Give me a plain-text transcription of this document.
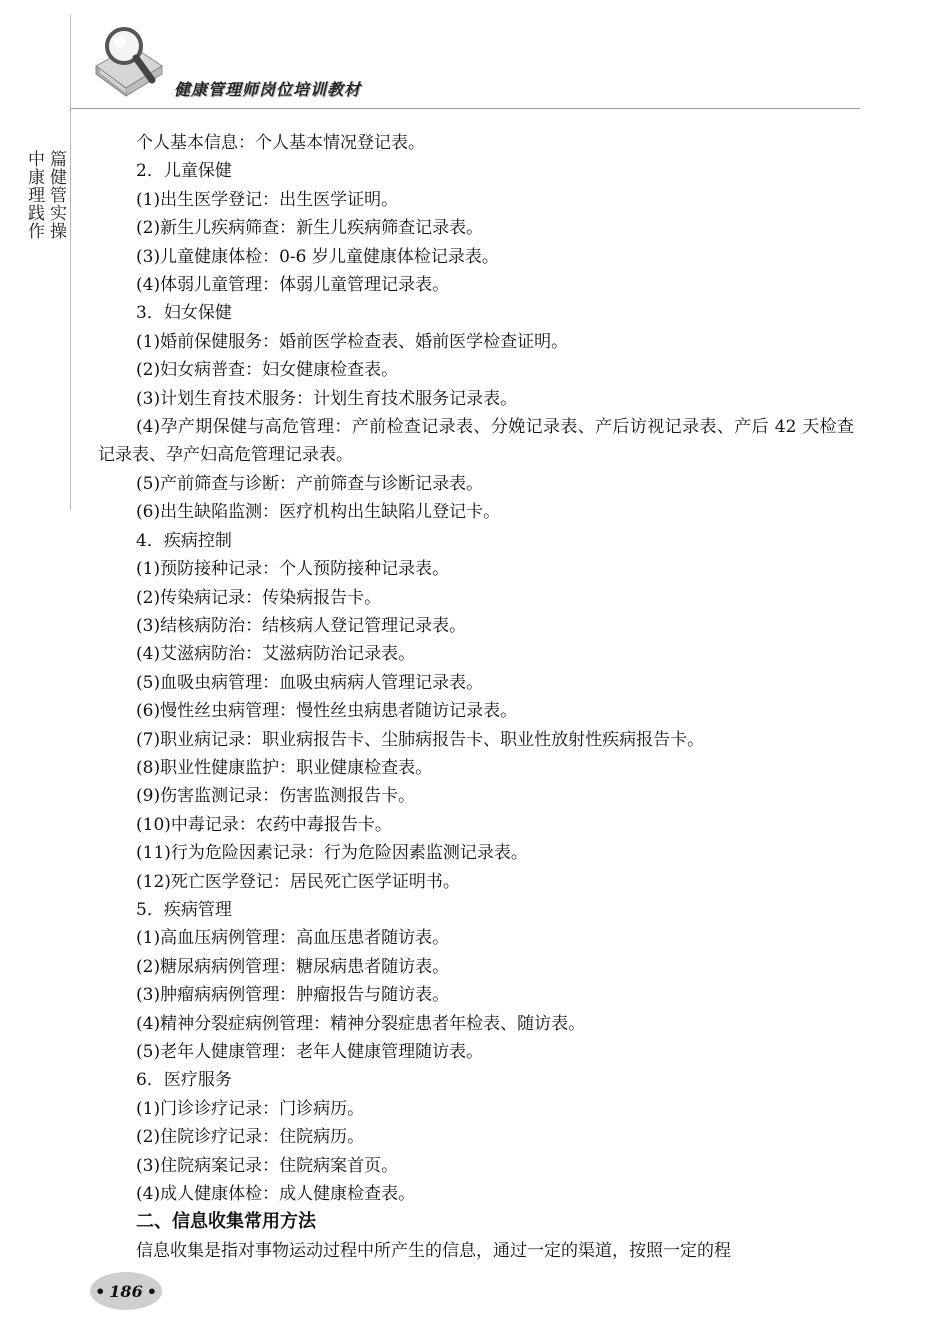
健康管理师岗位培训教材
篇健管实操
中康理践作

个人基本信息：个人基本情况登记表。

2．儿童保健

(1)出生医学登记：出生医学证明。

(2)新生儿疾病筛查：新生儿疾病筛查记录表。

(3)儿童健康体检：0-6 岁儿童健康体检记录表。

(4)体弱儿童管理：体弱儿童管理记录表。

3．妇女保健

(1)婚前保健服务：婚前医学检查表、婚前医学检查证明。

(2)妇女病普查：妇女健康检查表。

(3)计划生育技术服务：计划生育技术服务记录表。

(4)孕产期保健与高危管理：产前检查记录表、分娩记录表、产后访视记录表、产后 42 天检查记录表、孕产妇高危管理记录表。

(5)产前筛查与诊断：产前筛查与诊断记录表。

(6)出生缺陷监测：医疗机构出生缺陷儿登记卡。

4．疾病控制

(1)预防接种记录：个人预防接种记录表。

(2)传染病记录：传染病报告卡。

(3)结核病防治：结核病人登记管理记录表。

(4)艾滋病防治：艾滋病防治记录表。

(5)血吸虫病管理：血吸虫病病人管理记录表。

(6)慢性丝虫病管理：慢性丝虫病患者随访记录表。

(7)职业病记录：职业病报告卡、尘肺病报告卡、职业性放射性疾病报告卡。

(8)职业性健康监护：职业健康检查表。

(9)伤害监测记录：伤害监测报告卡。

(10)中毒记录：农药中毒报告卡。

(11)行为危险因素记录：行为危险因素监测记录表。

(12)死亡医学登记：居民死亡医学证明书。

5．疾病管理

(1)高血压病例管理：高血压患者随访表。

(2)糖尿病病例管理：糖尿病患者随访表。

(3)肿瘤病病例管理：肿瘤报告与随访表。

(4)精神分裂症病例管理：精神分裂症患者年检表、随访表。

(5)老年人健康管理：老年人健康管理随访表。

6．医疗服务

(1)门诊诊疗记录：门诊病历。

(2)住院诊疗记录：住院病历。

(3)住院病案记录：住院病案首页。

(4)成人健康体检：成人健康检查表。

二、信息收集常用方法

信息收集是指对事物运动过程中所产生的信息，通过一定的渠道，按照一定的程

• 186 •
